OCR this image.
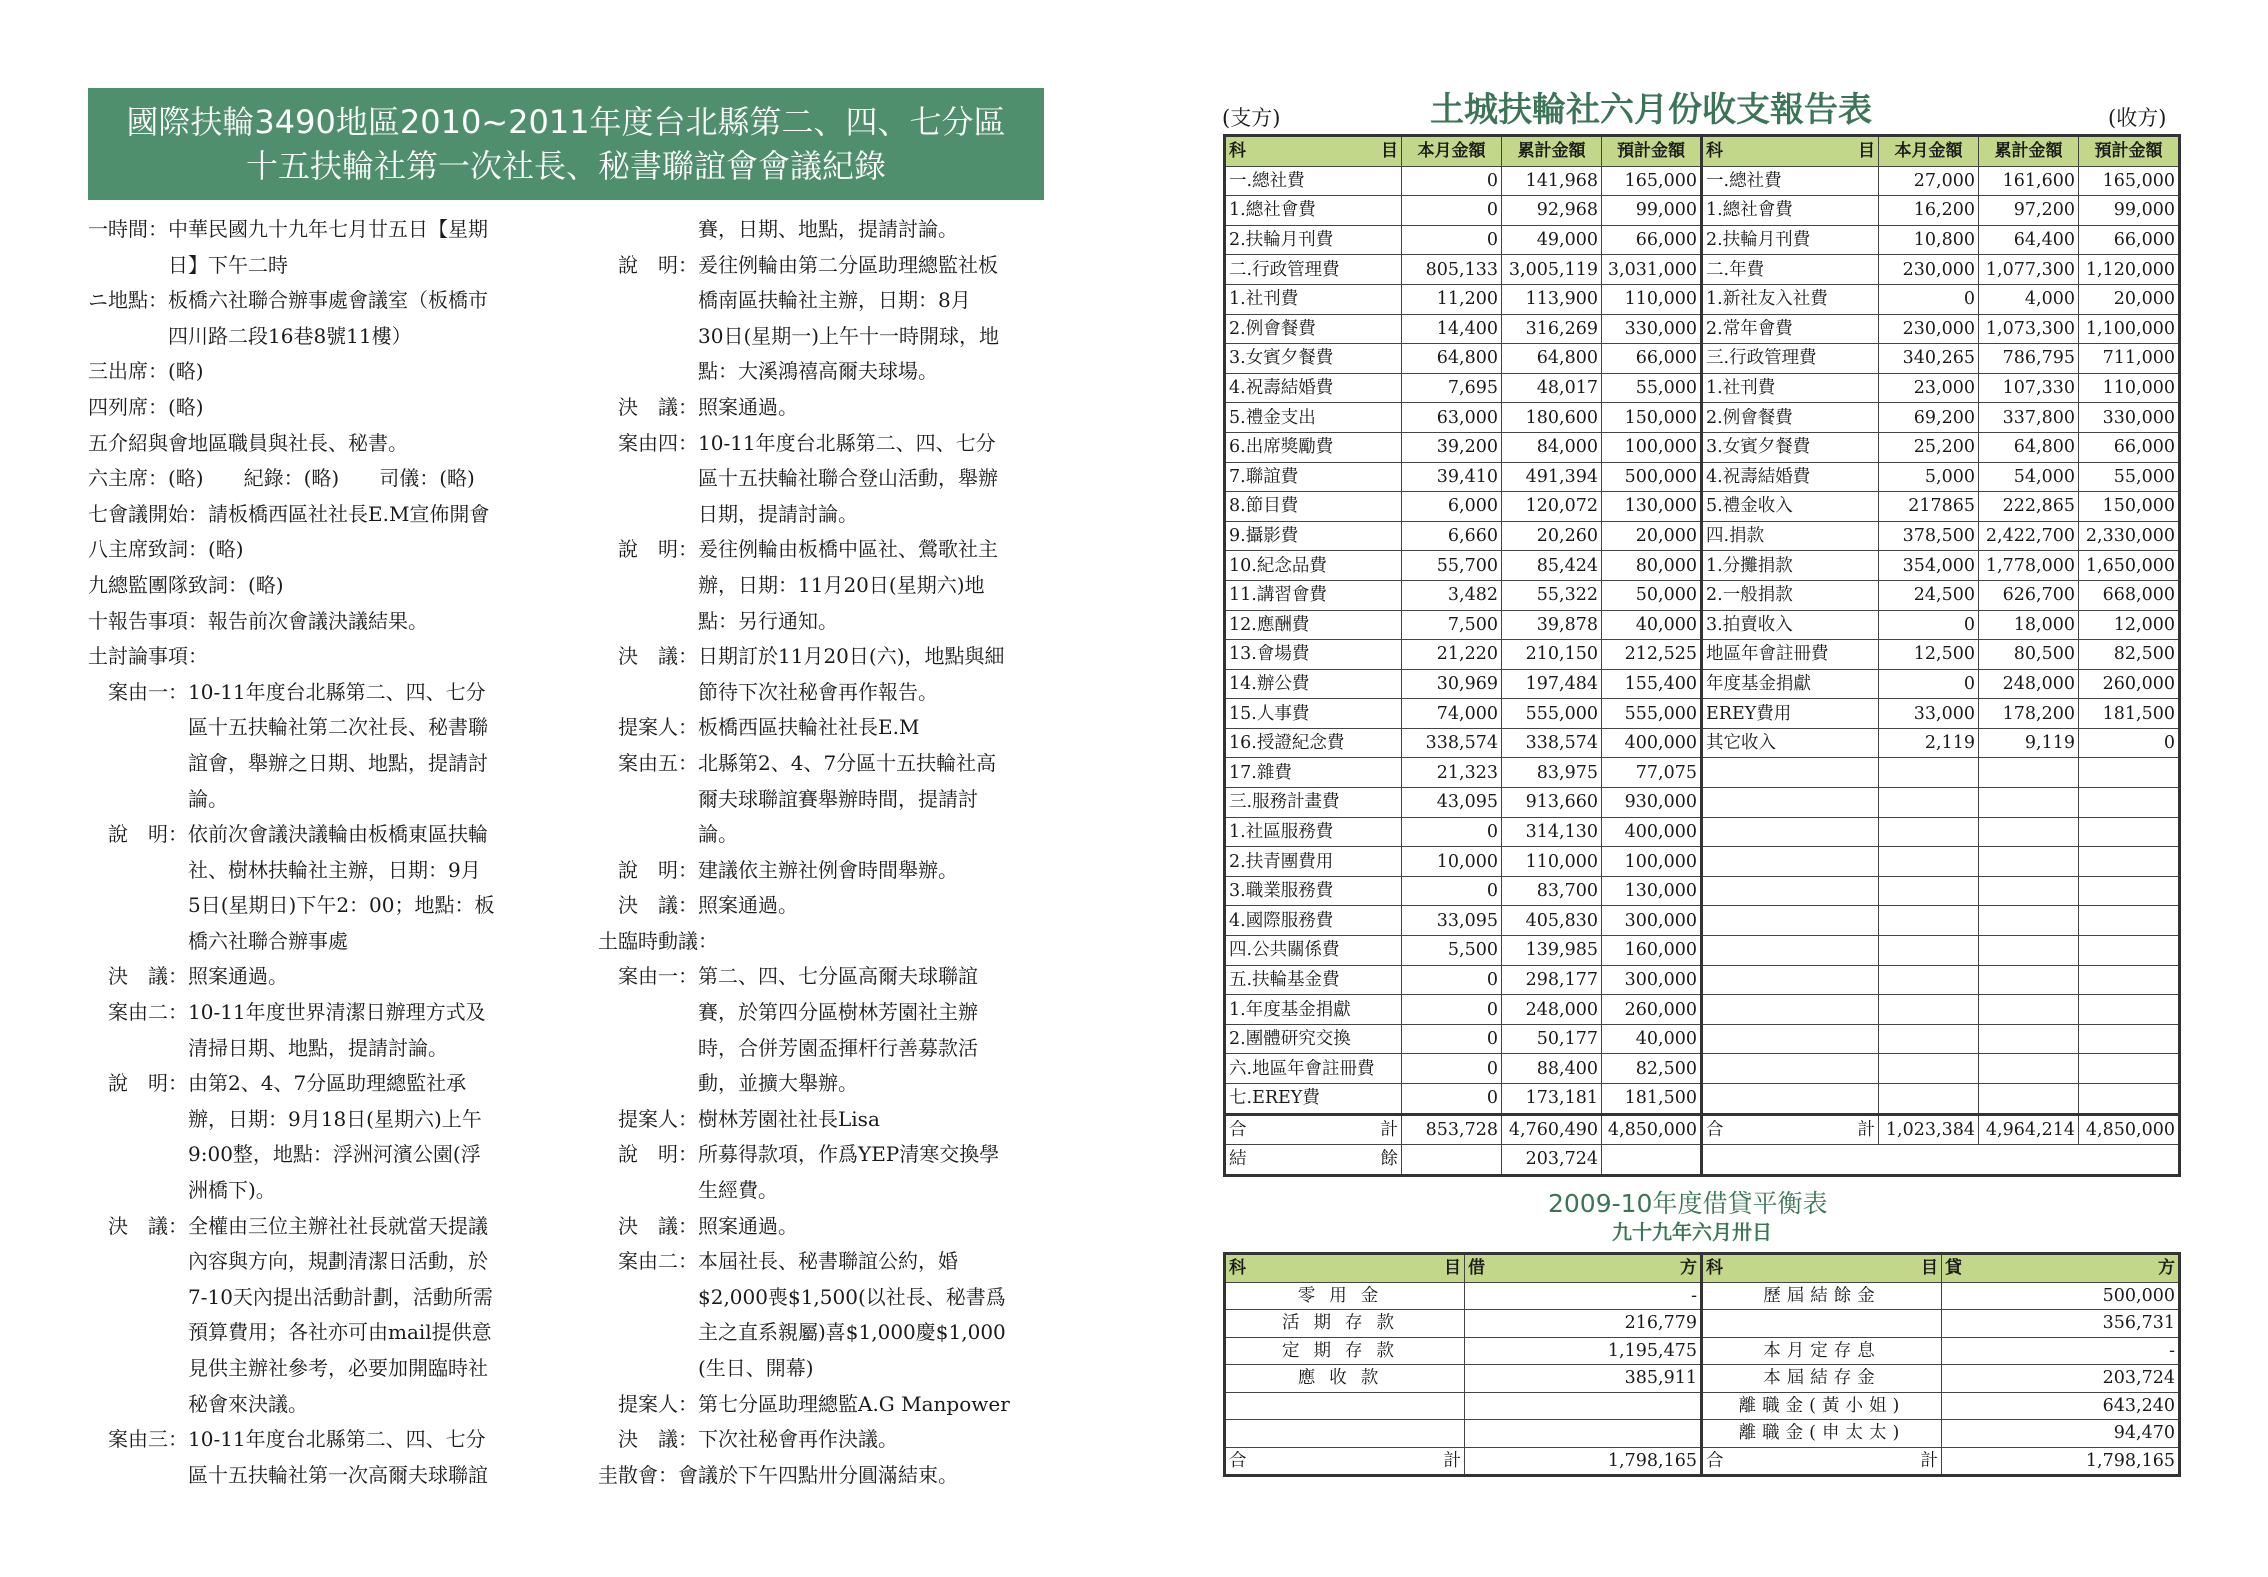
國際扶輪3490地區2010~2011年度台北縣第二、四、七分區
十五扶輪社第一次社長、秘書聯誼會會議紀錄
一時間： 中華民國九十九年七月廿五日【星期
日】下午二時
ニ地點： 板橋六社聯合辦事處會議室（板橋市
四川路二段16巷8號11樓）
三出席： (略)
四列席： (略)
五介紹與會地區職員與社長、秘書。
六主席：(略)　　紀錄：(略)　　司儀：(略)
七會議開始： 請板橋西區社社長E.M宣佈開會
八主席致詞： (略)
九總監團隊致詞： (略)
十報告事項： 報告前次會議決議結果。
土討論事項：
　案由一： 10-11年度台北縣第二、四、七分
區十五扶輪社第二次社長、秘書聯
誼會，舉辦之日期、地點，提請討
論。
　說　明： 依前次會議決議輪由板橋東區扶輪
社、樹林扶輪社主辦，日期：9月
5日(星期日)下午2：00；地點：板
橋六社聯合辦事處
　決　議： 照案通過。
　案由二： 10-11年度世界清潔日辦理方式及
清掃日期、地點，提請討論。
　說　明： 由第2、4、7分區助理總監社承
辦，日期：9月18日(星期六)上午
9:00整，地點：浮洲河濱公園(浮
洲橋下)。
　決　議： 全權由三位主辦社社長就當天提議
內容與方向，規劃清潔日活動，於
7-10天內提出活動計劃，活動所需
預算費用；各社亦可由mail提供意
見供主辦社參考，必要加開臨時社
秘會來決議。
　案由三： 10-11年度台北縣第二、四、七分
區十五扶輪社第一次高爾夫球聯誼

賽，日期、地點，提請討論。
　說　明： 爰往例輪由第二分區助理總監社板
橋南區扶輪社主辦，日期：8月
30日(星期一)上午十一時開球，地
點：大溪鴻禧高爾夫球場。
　決　議： 照案通過。
　案由四： 10-11年度台北縣第二、四、七分
區十五扶輪社聯合登山活動，舉辦
日期，提請討論。
　說　明： 爰往例輪由板橋中區社、鶯歌社主
辦，日期：11月20日(星期六)地
點：另行通知。
　決　議： 日期訂於11月20日(六)，地點與細
節待下次社秘會再作報告。
　提案人： 板橋西區扶輪社社長E.M
　案由五： 北縣第2、4、7分區十五扶輪社高
爾夫球聯誼賽舉辦時間，提請討
論。
　說　明： 建議依主辦社例會時間舉辦。
　決　議： 照案通過。
土臨時動議：
　案由一： 第二、四、七分區高爾夫球聯誼
賽，於第四分區樹林芳園社主辦
時，合併芳園盃揮杆行善募款活
動，並擴大舉辦。
　提案人： 樹林芳園社社長Lisa
　說　明： 所募得款項，作爲YEP清寒交換學
生經費。
　決　議： 照案通過。
　案由二： 本屆社長、秘書聯誼公約，婚
$2,000喪$1,500(以社長、秘書爲
主之直系親屬)喜$1,000慶$1,000
(生日、開幕)
　提案人： 第七分區助理總監A.G Manpower
　決　議： 下次社秘會再作決議。
圭散會： 會議於下午四點卅分圓滿結束。
(支方)	土城扶輪社六月份收支報告表	(收方)
科 目	本月金額	累計金額	預計金額	科 目	本月金額	累計金額	預計金額
一.總社費	0	141,968	165,000	一.總社費	27,000	161,600	165,000
1.總社會費	0	92,968	99,000	1.總社會費	16,200	97,200	99,000
2.扶輪月刊費	0	49,000	66,000	2.扶輪月刊費	10,800	64,400	66,000
二.行政管理費	805,133	3,005,119	3,031,000	二.年費	230,000	1,077,300	1,120,000
1.社刊費	11,200	113,900	110,000	1.新社友入社費	0	4,000	20,000
2.例會餐費	14,400	316,269	330,000	2.常年會費	230,000	1,073,300	1,100,000
3.女賓夕餐費	64,800	64,800	66,000	三.行政管理費	340,265	786,795	711,000
4.祝壽結婚費	7,695	48,017	55,000	1.社刊費	23,000	107,330	110,000
5.禮金支出	63,000	180,600	150,000	2.例會餐費	69,200	337,800	330,000
6.出席獎勵費	39,200	84,000	100,000	3.女賓夕餐費	25,200	64,800	66,000
7.聯誼費	39,410	491,394	500,000	4.祝壽結婚費	5,000	54,000	55,000
8.節目費	6,000	120,072	130,000	5.禮金收入	217865	222,865	150,000
9.攝影費	6,660	20,260	20,000	四.捐款	378,500	2,422,700	2,330,000
10.紀念品費	55,700	85,424	80,000	1.分攤捐款	354,000	1,778,000	1,650,000
11.講習會費	3,482	55,322	50,000	2.一般捐款	24,500	626,700	668,000
12.應酬費	7,500	39,878	40,000	3.拍賣收入	0	18,000	12,000
13.會場費	21,220	210,150	212,525	地區年會註冊費	12,500	80,500	82,500
14.辦公費	30,969	197,484	155,400	年度基金捐獻	0	248,000	260,000
15.人事費	74,000	555,000	555,000	EREY費用	33,000	178,200	181,500
16.授證紀念費	338,574	338,574	400,000	其它收入	2,119	9,119	0
17.雜費	21,323	83,975	77,075				
三.服務計畫費	43,095	913,660	930,000				
1.社區服務費	0	314,130	400,000				
2.扶青團費用	10,000	110,000	100,000				
3.職業服務費	0	83,700	130,000				
4.國際服務費	33,095	405,830	300,000				
四.公共關係費	5,500	139,985	160,000				
五.扶輪基金費	0	298,177	300,000				
1.年度基金捐獻	0	248,000	260,000				
2.團體研究交換	0	50,177	40,000				
六.地區年會註冊費	0	88,400	82,500				
七.EREY費	0	173,181	181,500				

合 計	853,728	4,760,490	4,850,000	合 計	1,023,384	4,964,214	4,850,000

結 餘		203,724					
2009-10年度借貸平衡表
九十九年六月卅日
科 目	借 方	科 目	貸 方

零用金	-	歷屆結餘金	500,000
活期存款	216,779		356,731
定期存款	1,195,475	本月定存息	-
應收款	385,911	本屆結存金	203,724
		離職金(黃小姐)	643,240
		離職金(申太太)	94,470

合 計	1,798,165	合 計	1,798,165
